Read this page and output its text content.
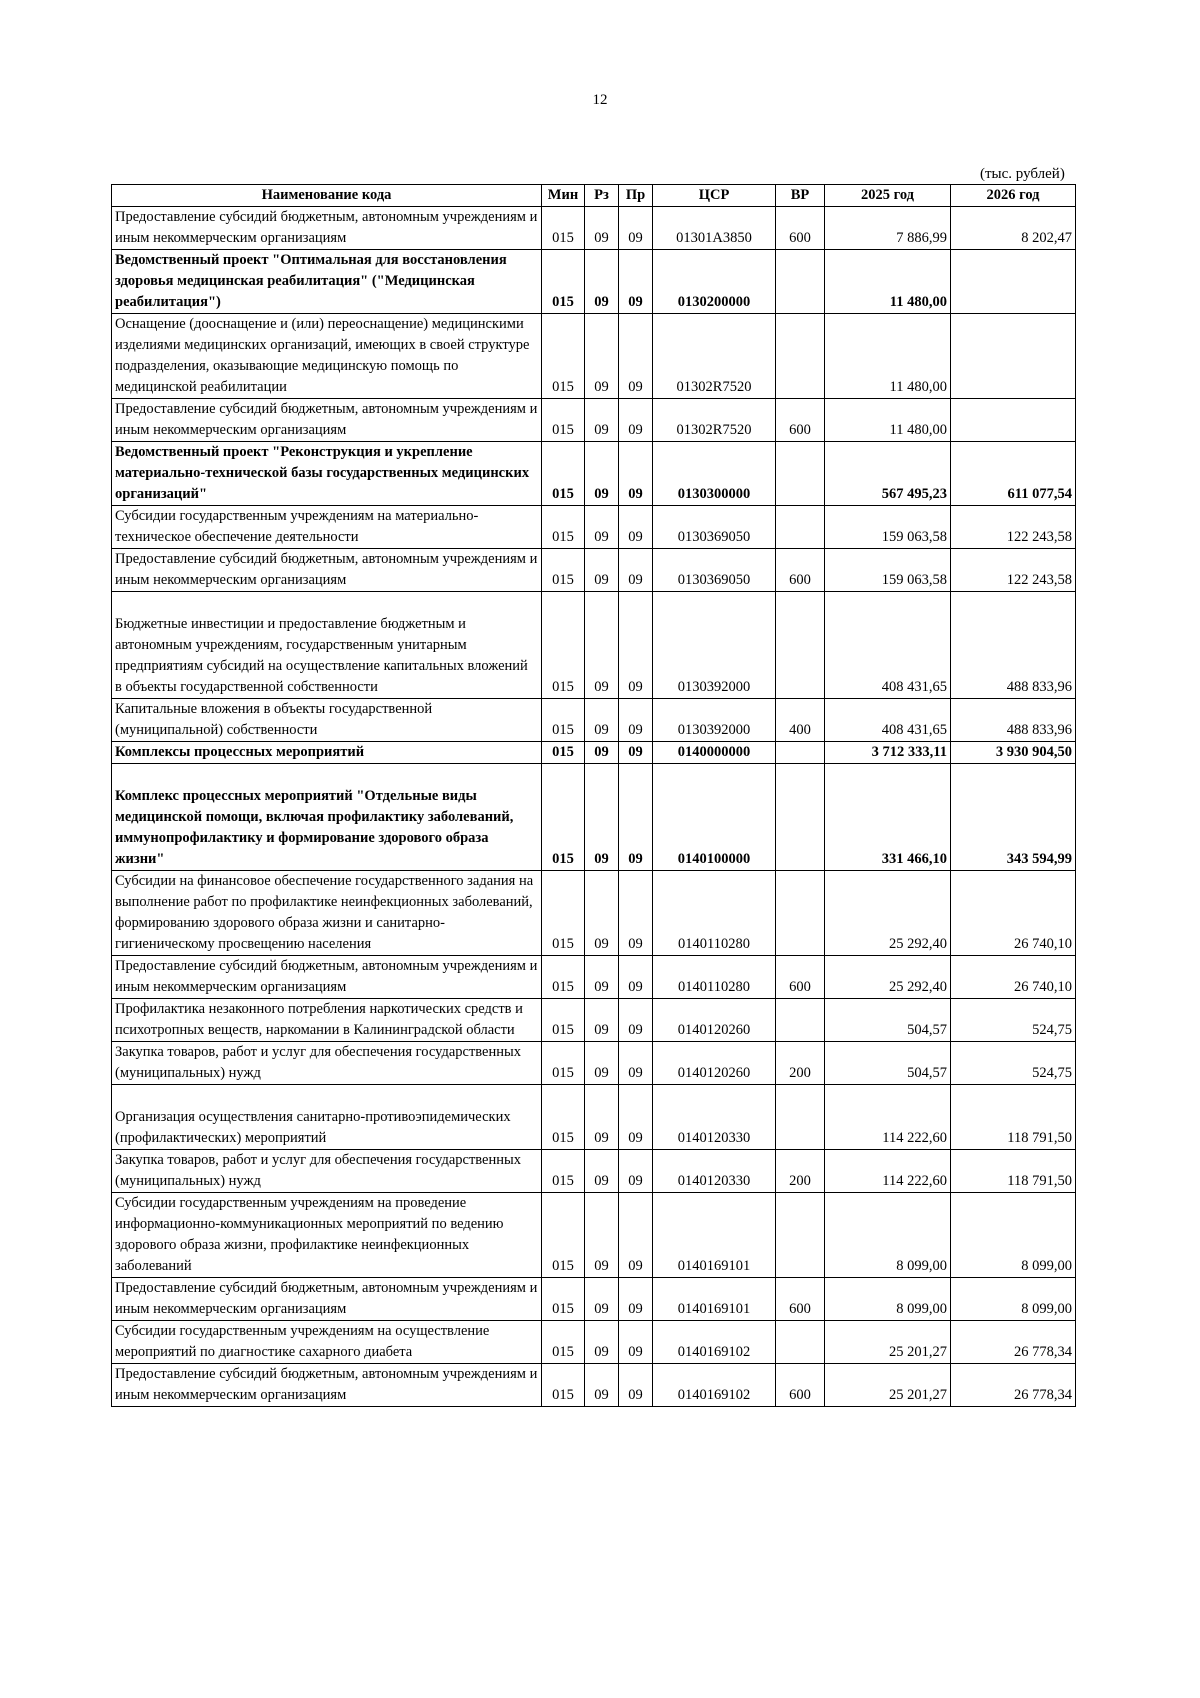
12
(тыс. рублей)
Наименование кода	Мин	Рз	Пр	ЦСР	ВР	2025 год	2026 год
Предоставление субсидий бюджетным, автономным учреждениям и иным некоммерческим организациям	015	09	09	01301А3850	600	7 886,99	8 202,47
Ведомственный проект "Оптимальная для восстановления здоровья медицинская реабилитация" ("Медицинская реабилитация")	015	09	09	0130200000		11 480,00	
Оснащение (дооснащение и (или) переоснащение) медицинскими изделиями медицинских организаций, имеющих в своей структуре подразделения, оказывающие медицинскую помощь по медицинской реабилитации	015	09	09	01302R7520		11 480,00	
Предоставление субсидий бюджетным, автономным учреждениям и иным некоммерческим организациям	015	09	09	01302R7520	600	11 480,00	
Ведомственный проект "Реконструкция и укрепление материально-технической базы государственных медицинских организаций"	015	09	09	0130300000		567 495,23	611 077,54
Субсидии государственным учреждениям на материально-техническое обеспечение деятельности	015	09	09	0130369050		159 063,58	122 243,58
Предоставление субсидий бюджетным, автономным учреждениям и иным некоммерческим организациям	015	09	09	0130369050	600	159 063,58	122 243,58
Бюджетные инвестиции и предоставление бюджетным и автономным учреждениям, государственным унитарным предприятиям субсидий на осуществление капитальных вложений в объекты государственной собственности	015	09	09	0130392000		408 431,65	488 833,96
Капитальные вложения в объекты государственной (муниципальной) собственности	015	09	09	0130392000	400	408 431,65	488 833,96
Комплексы процессных мероприятий	015	09	09	0140000000		3 712 333,11	3 930 904,50
Комплекс процессных мероприятий "Отдельные виды медицинской помощи, включая профилактику заболеваний, иммунопрофилактику и формирование здорового образа жизни"	015	09	09	0140100000		331 466,10	343 594,99
Субсидии на финансовое обеспечение государственного задания на выполнение работ по профилактике неинфекционных заболеваний, формированию здорового образа жизни и санитарно-гигиеническому просвещению населения	015	09	09	0140110280		25 292,40	26 740,10
Предоставление субсидий бюджетным, автономным учреждениям и иным некоммерческим организациям	015	09	09	0140110280	600	25 292,40	26 740,10
Профилактика незаконного потребления наркотических средств и психотропных веществ, наркомании в Калининградской области	015	09	09	0140120260		504,57	524,75
Закупка товаров, работ и услуг для обеспечения государственных (муниципальных) нужд	015	09	09	0140120260	200	504,57	524,75
Организация осуществления санитарно-противоэпидемических (профилактических) мероприятий	015	09	09	0140120330		114 222,60	118 791,50
Закупка товаров, работ и услуг для обеспечения государственных (муниципальных) нужд	015	09	09	0140120330	200	114 222,60	118 791,50
Субсидии государственным учреждениям на проведение информационно-коммуникационных мероприятий по ведению здорового образа жизни, профилактике неинфекционных заболеваний	015	09	09	0140169101		8 099,00	8 099,00
Предоставление субсидий бюджетным, автономным учреждениям и иным некоммерческим организациям	015	09	09	0140169101	600	8 099,00	8 099,00
Субсидии государственным учреждениям на осуществление мероприятий по диагностике сахарного диабета	015	09	09	0140169102		25 201,27	26 778,34
Предоставление субсидий бюджетным, автономным учреждениям и иным некоммерческим организациям	015	09	09	0140169102	600	25 201,27	26 778,34
